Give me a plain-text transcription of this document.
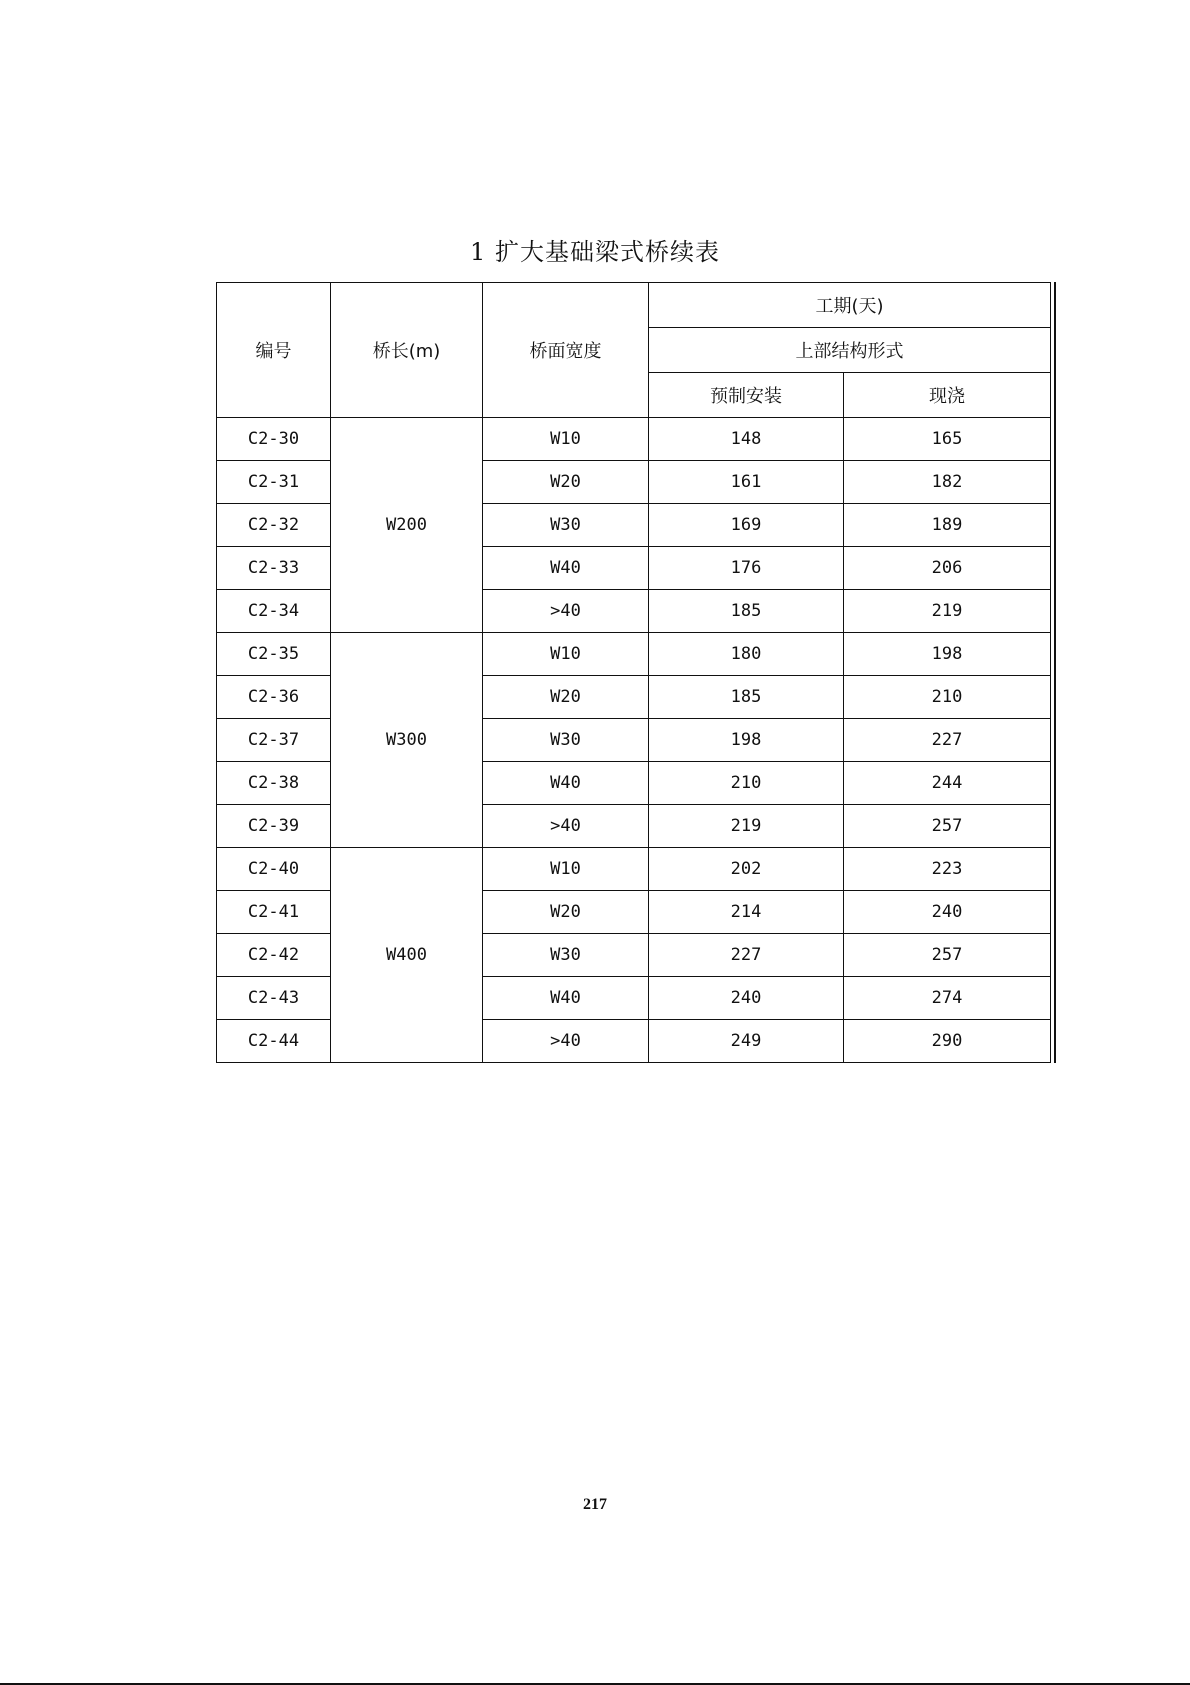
1 扩大基础梁式桥续表
编号	桥长(m)	桥面宽度	工期(天)	
			上部结构形式	
			预制安装	现浇
C2-30	W200	W10	148	165
C2-31		W20	161	182
C2-32		W30	169	189
C2-33		W40	176	206
C2-34		>40	185	219
C2-35	W300	W10	180	198
C2-36		W20	185	210
C2-37		W30	198	227
C2-38		W40	210	244
C2-39		>40	219	257
C2-40	W400	W10	202	223
C2-41		W20	214	240
C2-42		W30	227	257
C2-43		W40	240	274
C2-44		>40	249	290
217
